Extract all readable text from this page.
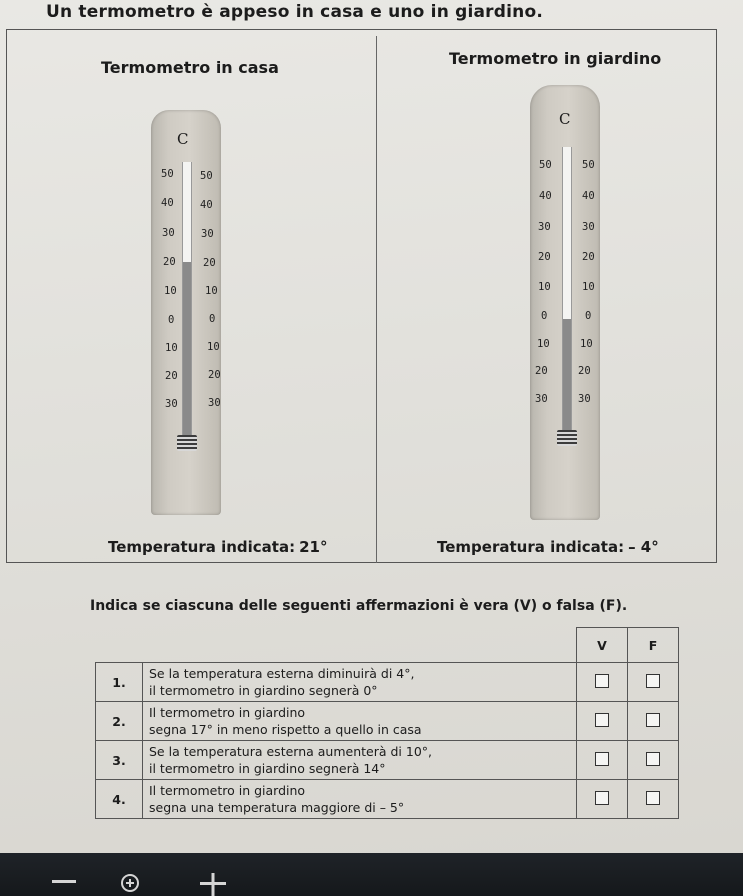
Un termometro è appeso in casa e uno in giardino.
Termometro in casa
C
50
40
30
20
10
0
10
20
30
50
40
30
20
10
0
10
20
30
Temperatura indicata: 21°
Termometro in giardino
C
50
40
30
20
10
0
10
20
30
50
40
30
20
10
0
10
20
30
Temperatura indicata: – 4°
Indica se ciascuna delle seguenti affermazioni è vera (V) o falsa (F).
		V	F
1.	Se la temperatura esterna diminuirà di 4°,
il termometro in giardino segnerà 0°		
2.	Il termometro in giardino
segna 17° in meno rispetto a quello in casa		
3.	Se la temperatura esterna aumenterà di 10°,
il termometro in giardino segnerà 14°		
4.	Il termometro in giardino
segna una temperatura maggiore di – 5°		
